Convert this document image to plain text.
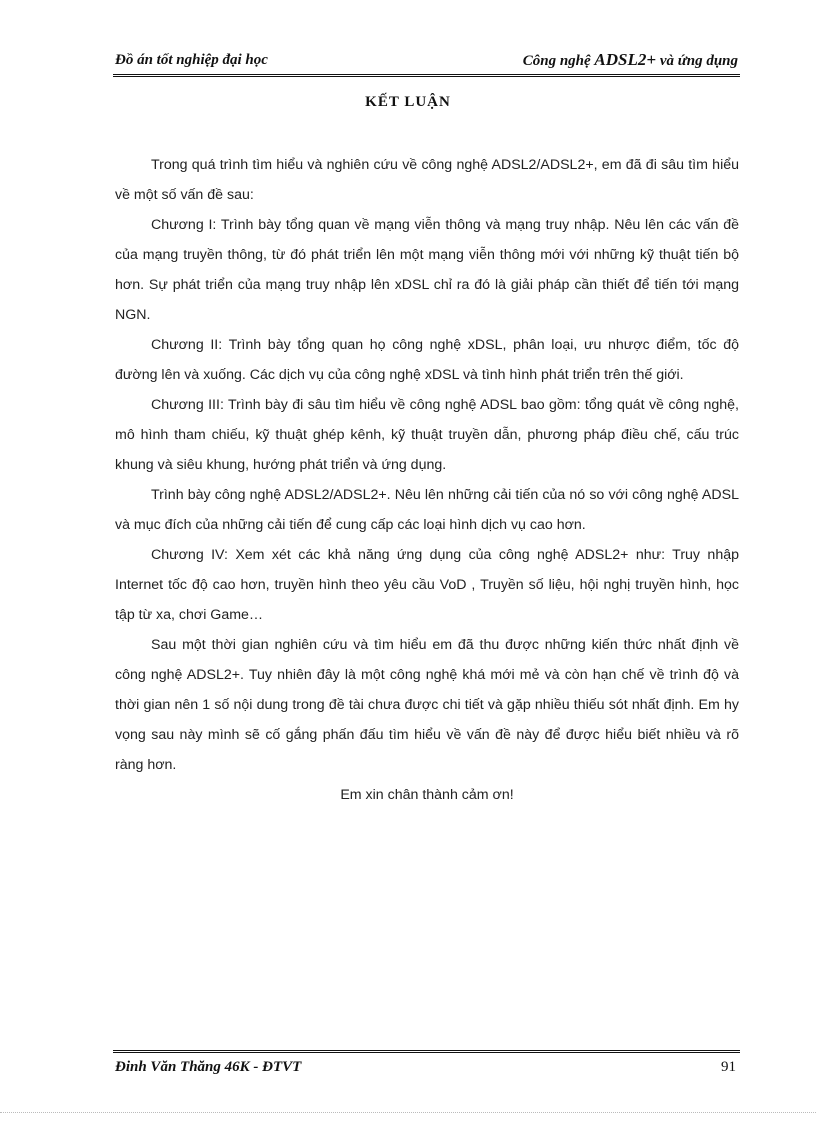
Đồ án tốt nghiệp đại học	Công nghệ ADSL2+ và ứng dụng
KẾT LUẬN

Trong quá trình tìm hiểu và nghiên cứu về công nghệ ADSL2/ADSL2+, em đã đi sâu tìm hiểu về một số vấn đề sau:

Chương I: Trình bày tổng quan về mạng viễn thông và mạng truy nhập. Nêu lên các vấn đề của mạng truyền thông, từ đó phát triển lên một mạng viễn thông mới với những kỹ thuật tiến bộ hơn. Sự phát triển của mạng truy nhập lên xDSL chỉ ra đó là giải pháp cần thiết để tiến tới mạng NGN.

Chương II: Trình bày tổng quan họ công nghệ xDSL, phân loại, ưu nhược điểm, tốc độ đường lên và xuống. Các dịch vụ của công nghệ xDSL và tình hình phát triển trên thế giới.

Chương III: Trình bày đi sâu tìm hiểu về công nghệ ADSL bao gồm: tổng quát về công nghệ, mô hình tham chiếu, kỹ thuật ghép kênh, kỹ thuật truyền dẫn, phương pháp điều chế, cấu trúc khung và siêu khung, hướng phát triển và ứng dụng.

Trình bày công nghệ ADSL2/ADSL2+. Nêu lên những cải tiến của nó so với công nghệ ADSL và mục đích của những cải tiến để cung cấp các loại hình dịch vụ cao hơn.

Chương IV: Xem xét các khả năng ứng dụng của công nghệ ADSL2+ như: Truy nhập Internet tốc độ cao hơn, truyền hình theo yêu cầu VoD , Truyền số liệu, hội nghị truyền hình, học tập từ xa, chơi Game…

Sau một thời gian nghiên cứu và tìm hiểu em đã thu được những kiến thức nhất định về công nghệ ADSL2+. Tuy nhiên đây là một công nghệ khá mới mẻ và còn hạn chế về trình độ và thời gian nên 1 số nội dung trong đề tài chưa được chi tiết và gặp nhiều thiếu sót nhất định. Em hy vọng sau này mình sẽ cố gắng phấn đấu tìm hiểu về vấn đề này để được hiểu biết nhiều và rõ ràng hơn.

Em xin chân thành cảm ơn!

Đinh Văn Thăng 46K - ĐTVT	91
